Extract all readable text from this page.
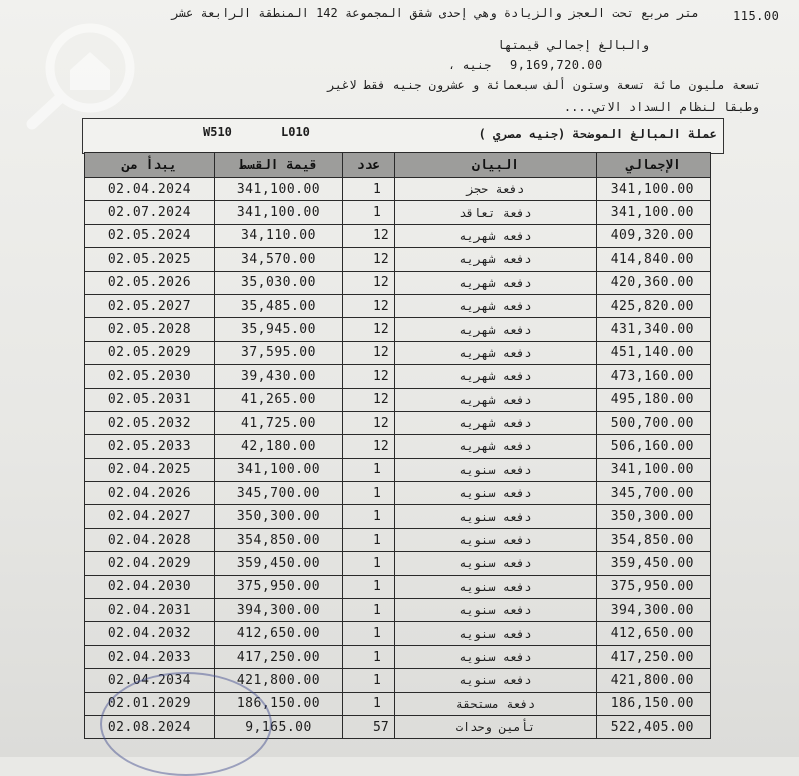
115.00
متر مربع تحت العجز والزيادة وهي إحدى شقق المجموعة 142 المنطقة الرابعة عشر
والبالغ إجمالي قيمتها
9,169,720.00
جنيه ،
تسعة مليون مائة تسعة وستون ألف سبعمائة و عشرون جنيه فقط لاغير
وطبقا لنظام السداد الاتي....
W510	L010	عملة المبالغ الموضحة (جنيه مصري )
يبدأ من	قيمة القسط	عدد	البيان	الإجمالي
02.04.2024	341,100.00	1	دفعة حجز	341,100.00
02.07.2024	341,100.00	1	دفعة تعاقد	341,100.00
02.05.2024	34,110.00	12	دفعه شهريه	409,320.00
02.05.2025	34,570.00	12	دفعه شهريه	414,840.00
02.05.2026	35,030.00	12	دفعه شهريه	420,360.00
02.05.2027	35,485.00	12	دفعه شهريه	425,820.00
02.05.2028	35,945.00	12	دفعه شهريه	431,340.00
02.05.2029	37,595.00	12	دفعه شهريه	451,140.00
02.05.2030	39,430.00	12	دفعه شهريه	473,160.00
02.05.2031	41,265.00	12	دفعه شهريه	495,180.00
02.05.2032	41,725.00	12	دفعه شهريه	500,700.00
02.05.2033	42,180.00	12	دفعه شهريه	506,160.00
02.04.2025	341,100.00	1	دفعه سنويه	341,100.00
02.04.2026	345,700.00	1	دفعه سنويه	345,700.00
02.04.2027	350,300.00	1	دفعه سنويه	350,300.00
02.04.2028	354,850.00	1	دفعه سنويه	354,850.00
02.04.2029	359,450.00	1	دفعه سنويه	359,450.00
02.04.2030	375,950.00	1	دفعه سنويه	375,950.00
02.04.2031	394,300.00	1	دفعه سنويه	394,300.00
02.04.2032	412,650.00	1	دفعه سنويه	412,650.00
02.04.2033	417,250.00	1	دفعه سنويه	417,250.00
02.04.2034	421,800.00	1	دفعه سنويه	421,800.00
02.01.2029	186,150.00	1	دفعة مستحقة	186,150.00
02.08.2024	9,165.00	57	تأمين وحدات	522,405.00
